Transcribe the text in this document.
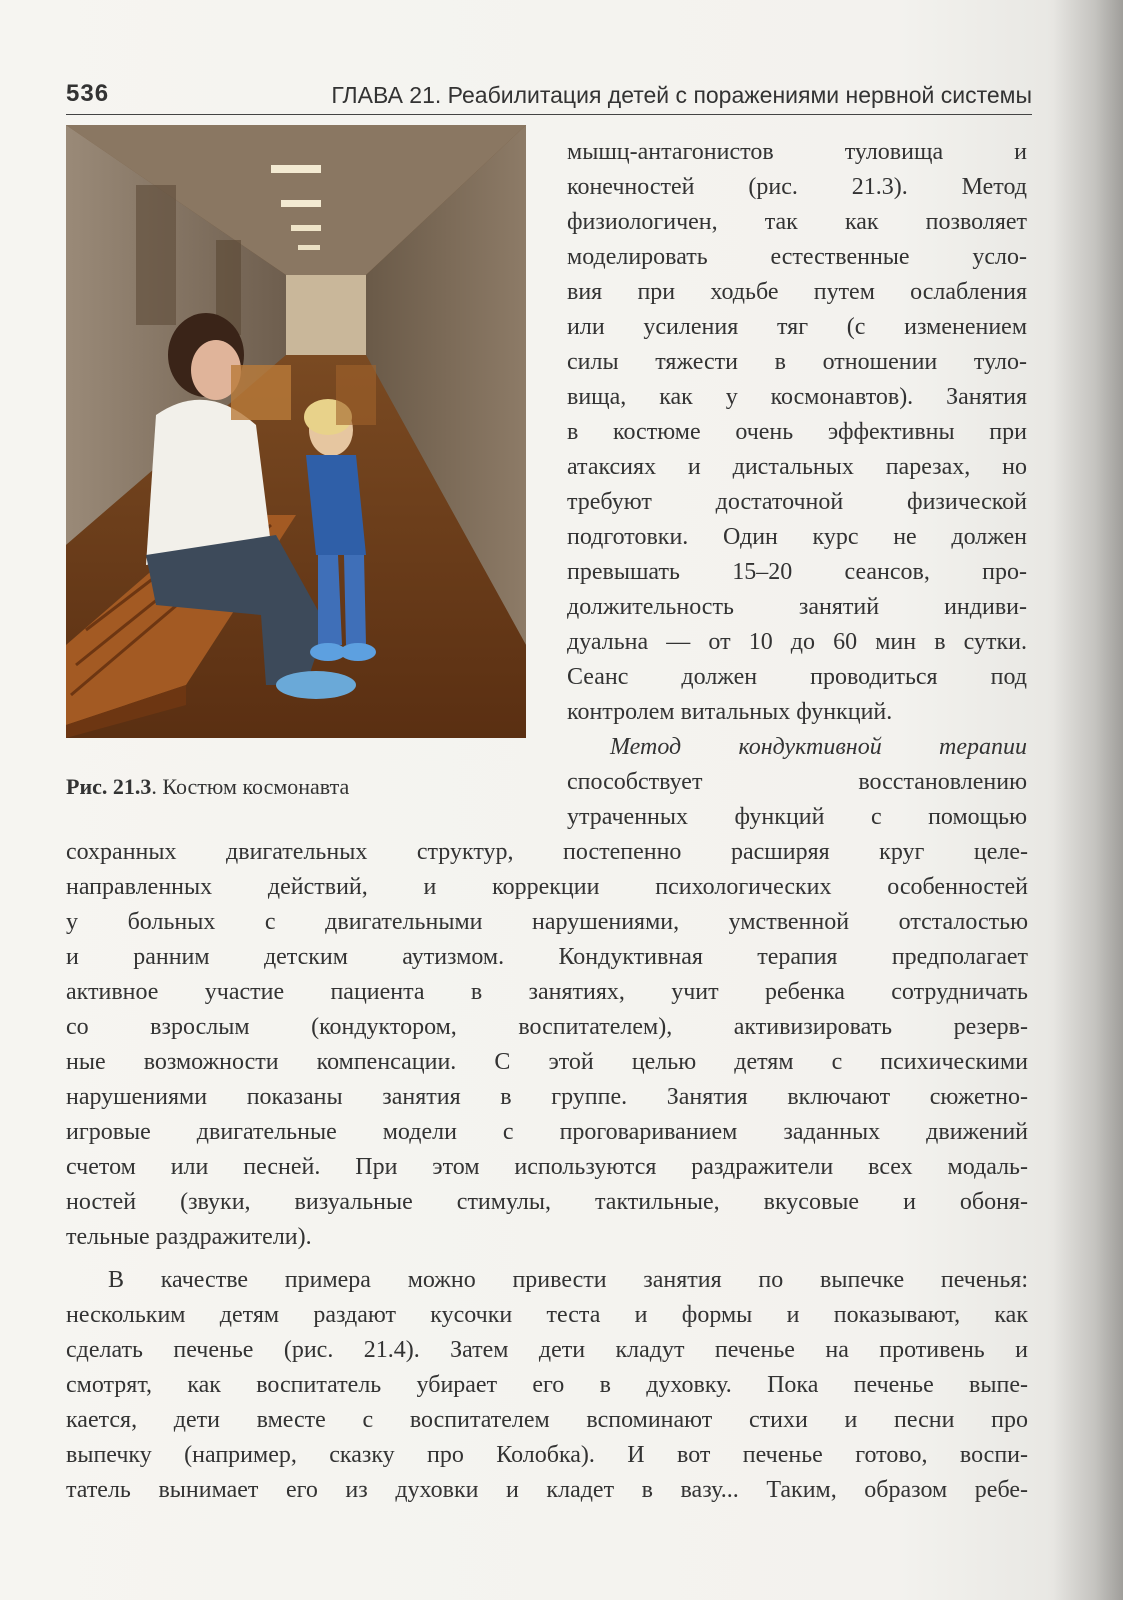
536	ГЛАВА 21. Реабилитация детей с поражениями нервной системы
Рис. 21.3. Костюм космонавта
мышц-антагонистов туловища и
конечностей (рис. 21.3). Метод
физиологичен, так как позволяет
моделировать естественные усло-
вия при ходьбе путем ослабления
или усиления тяг (с изменением
силы тяжести в отношении туло-
вища, как у космонавтов). Занятия
в костюме очень эффективны при
атаксиях и дистальных парезах, но
требуют достаточной физической
подготовки. Один курс не должен
превышать 15–20 сеансов, про-
должительность занятий индиви-
дуальна — от 10 до 60 мин в сутки.
Сеанс должен проводиться под
контролем витальных функций.
Метод кондуктивной терапии
способствует восстановлению
утраченных функций с помощью
сохранных двигательных структур, постепенно расширяя круг целе-
направленных действий, и коррекции психологических особенностей
у больных с двигательными нарушениями, умственной отсталостью
и ранним детским аутизмом. Кондуктивная терапия предполагает
активное участие пациента в занятиях, учит ребенка сотрудничать
со взрослым (кондуктором, воспитателем), активизировать резерв-
ные возможности компенсации. С этой целью детям с психическими
нарушениями показаны занятия в группе. Занятия включают сюжетно-
игровые двигательные модели с проговариванием заданных движений
счетом или песней. При этом используются раздражители всех модаль-
ностей (звуки, визуальные стимулы, тактильные, вкусовые и обоня-
тельные раздражители).
В качестве примера можно привести занятия по выпечке печенья:
нескольким детям раздают кусочки теста и формы и показывают, как
сделать печенье (рис. 21.4). Затем дети кладут печенье на противень и
смотрят, как воспитатель убирает его в духовку. Пока печенье выпе-
кается, дети вместе с воспитателем вспоминают стихи и песни про
выпечку (например, сказку про Колобка). И вот печенье готово, воспи-
татель вынимает его из духовки и кладет в вазу... Таким, образом ребе-
